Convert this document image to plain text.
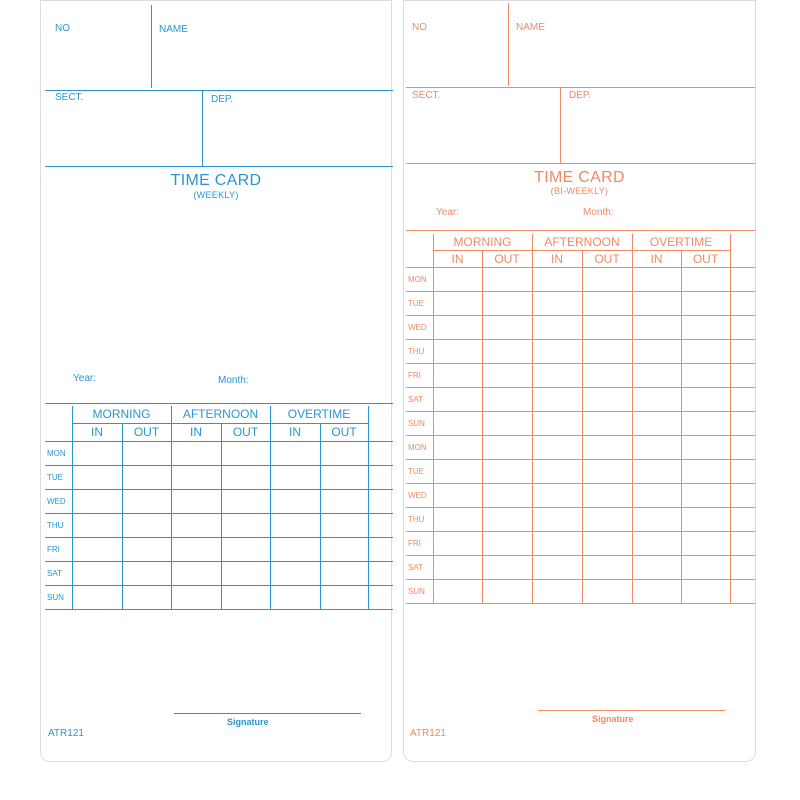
NO	NAME
SECT.	DEP.
TIME CARD
(WEEKLY)
Year:	Month:
	MORNING		AFTERNOON		OVERTIME		
	IN	OUT	IN	OUT	IN	OUT	
MON							
TUE							
WED							
THU							
FRI							
SAT							
SUN							
Signature
ATR121
NO	NAME
SECT.	DEP.
TIME CARD
(BI-WEEKLY)
Year:	Month:
	MORNING		AFTERNOON		OVERTIME		
	IN	OUT	IN	OUT	IN	OUT	
MON							
TUE							
WED							
THU							
FRI							
SAT							
SUN							
MON							
TUE							
WED							
THU							
FRI							
SAT							
SUN							
Signature
ATR121
